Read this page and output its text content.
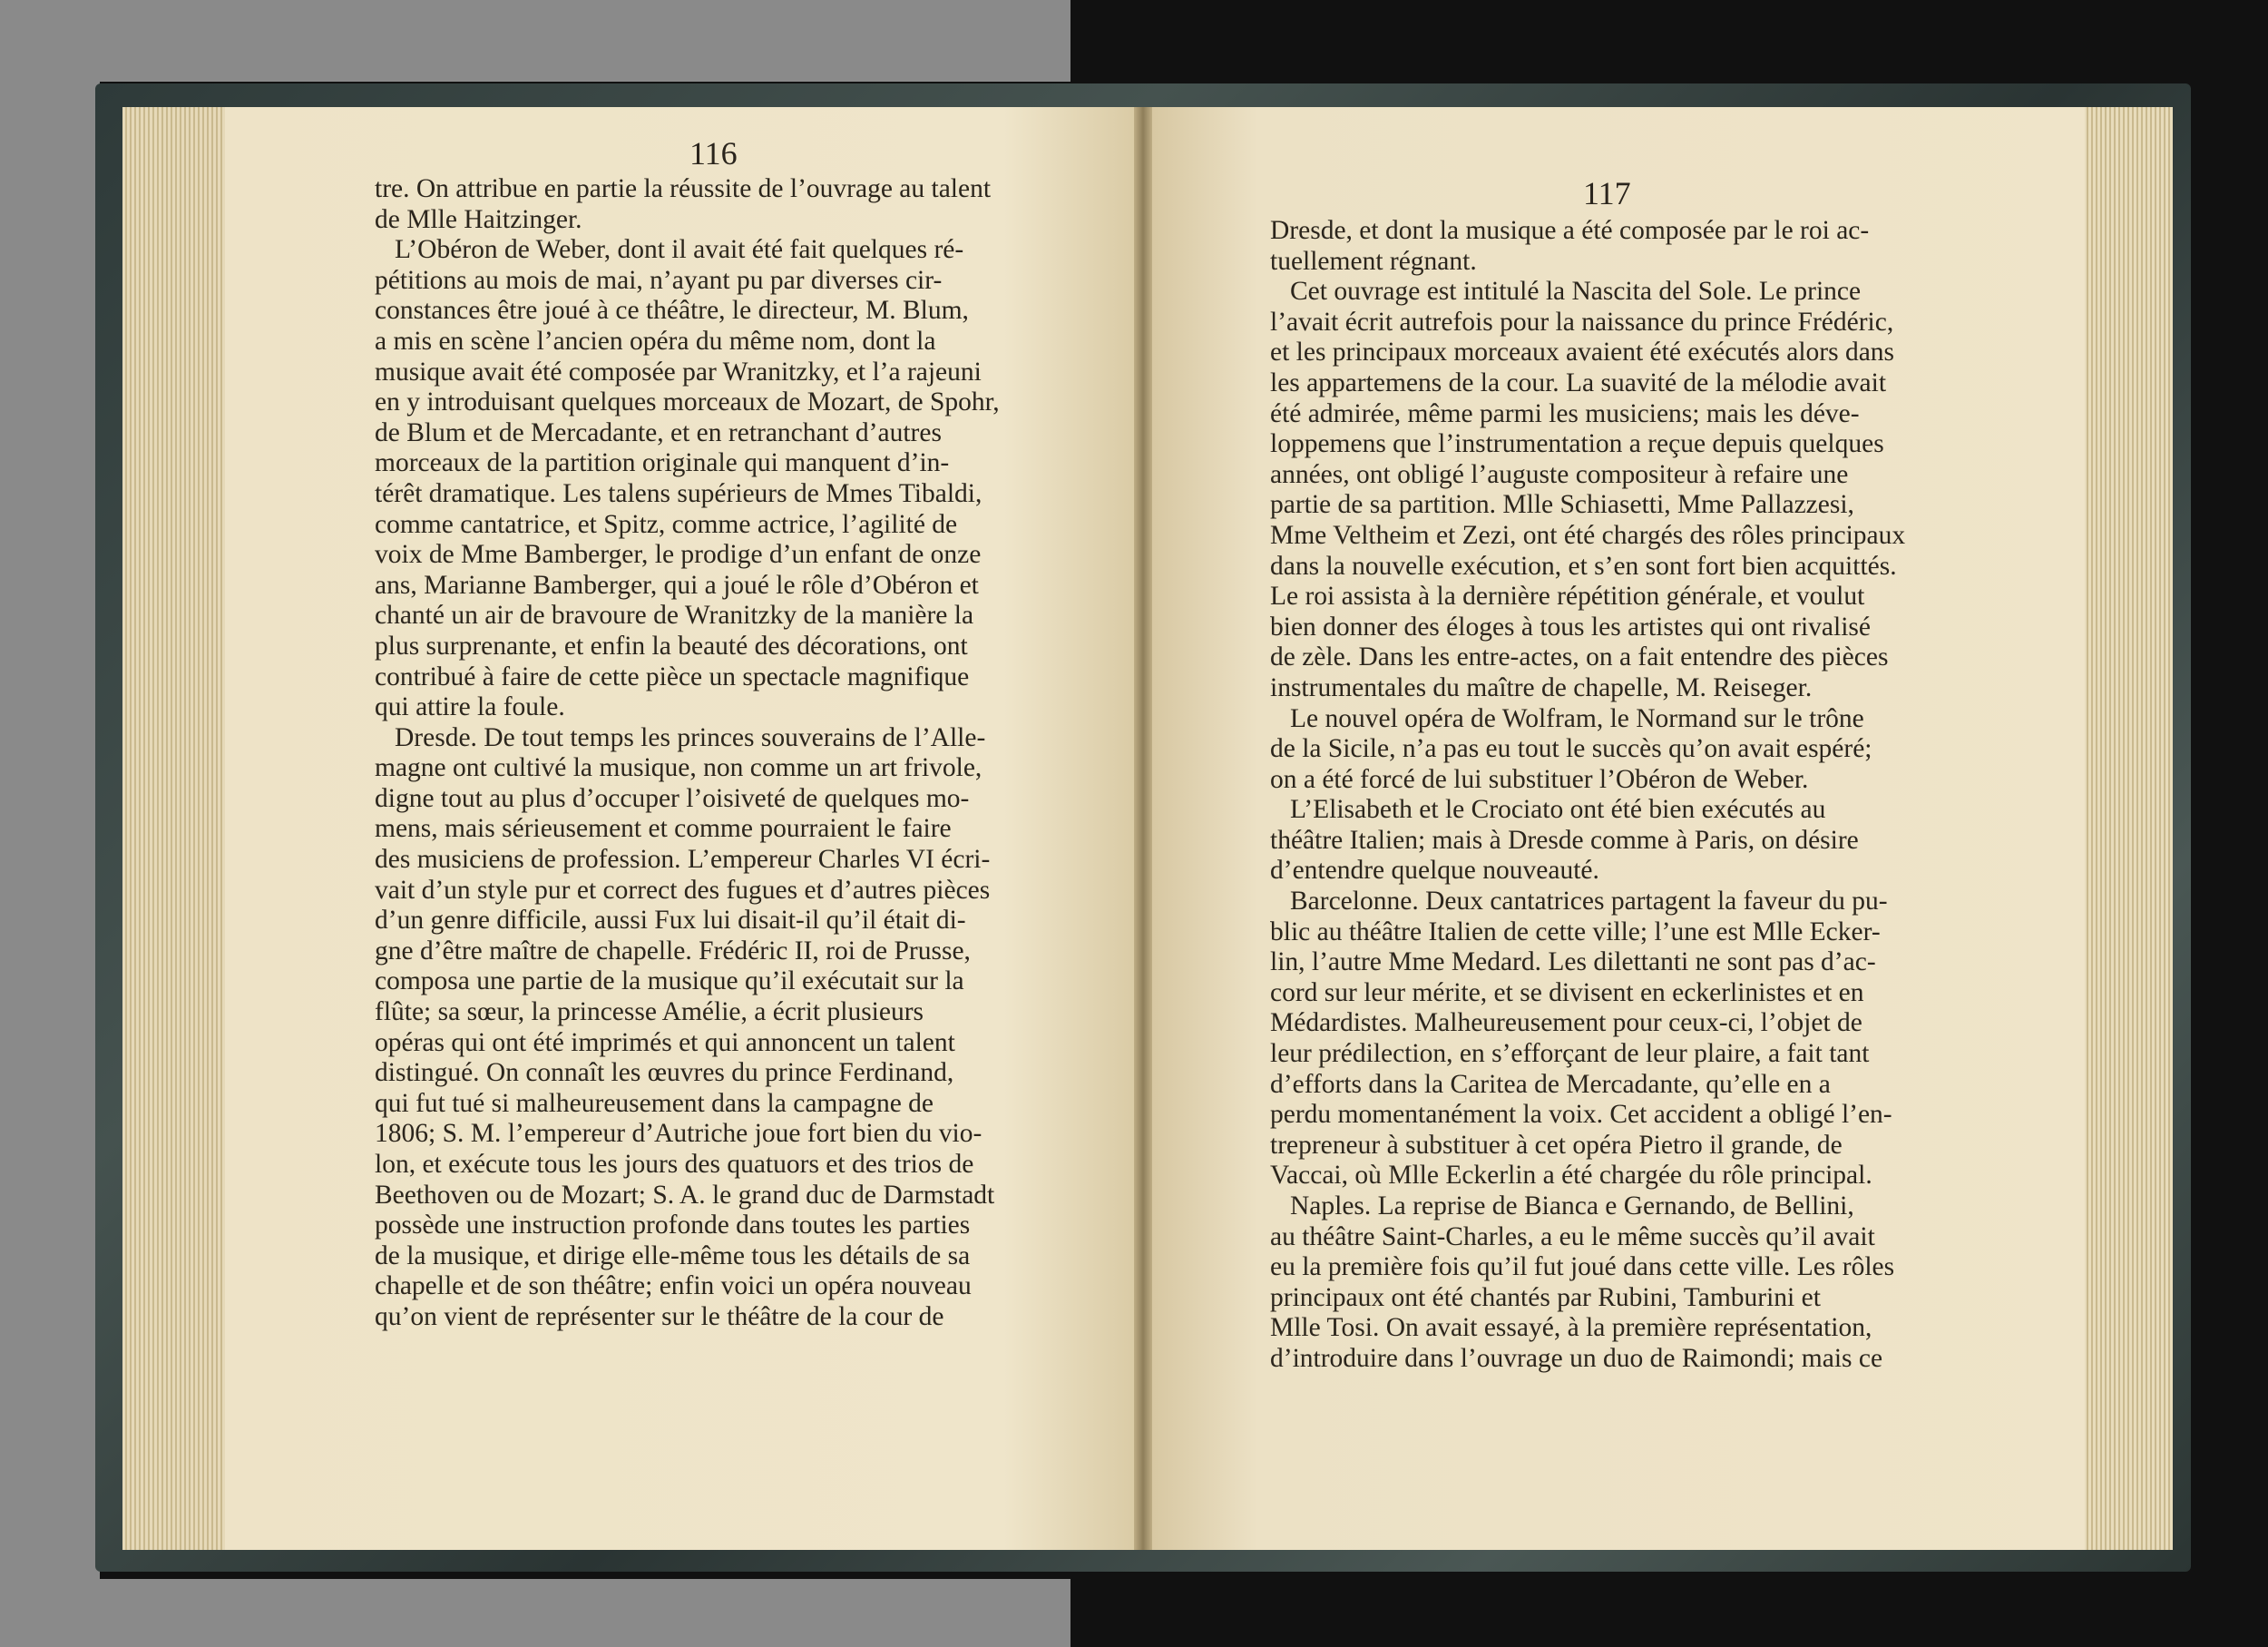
116
117

tre. On attribue en partie la réussite de l’ouvrage au talent

de Mlle Haitzinger.

L’Obéron de Weber, dont il avait été fait quelques ré-

pétitions au mois de mai, n’ayant pu par diverses cir-

constances être joué à ce théâtre, le directeur, M. Blum,

a mis en scène l’ancien opéra du même nom, dont la

musique avait été composée par Wranitzky, et l’a rajeuni

en y introduisant quelques morceaux de Mozart, de Spohr,

de Blum et de Mercadante, et en retranchant d’autres

morceaux de la partition originale qui manquent d’in-

térêt dramatique. Les talens supérieurs de Mmes Tibaldi,

comme cantatrice, et Spitz, comme actrice, l’agilité de

voix de Mme Bamberger, le prodige d’un enfant de onze

ans, Marianne Bamberger, qui a joué le rôle d’Obéron et

chanté un air de bravoure de Wranitzky de la manière la

plus surprenante, et enfin la beauté des décorations, ont

contribué à faire de cette pièce un spectacle magnifique

qui attire la foule.

Dresde. De tout temps les princes souverains de l’Alle-

magne ont cultivé la musique, non comme un art frivole,

digne tout au plus d’occuper l’oisiveté de quelques mo-

mens, mais sérieusement et comme pourraient le faire

des musiciens de profession. L’empereur Charles VI écri-

vait d’un style pur et correct des fugues et d’autres pièces

d’un genre difficile, aussi Fux lui disait-il qu’il était di-

gne d’être maître de chapelle. Frédéric II, roi de Prusse,

composa une partie de la musique qu’il exécutait sur la

flûte; sa sœur, la princesse Amélie, a écrit plusieurs

opéras qui ont été imprimés et qui annoncent un talent

distingué. On connaît les œuvres du prince Ferdinand,

qui fut tué si malheureusement dans la campagne de

1806; S. M. l’empereur d’Autriche joue fort bien du vio-

lon, et exécute tous les jours des quatuors et des trios de

Beethoven ou de Mozart; S. A. le grand duc de Darmstadt

possède une instruction profonde dans toutes les parties

de la musique, et dirige elle-même tous les détails de sa

chapelle et de son théâtre; enfin voici un opéra nouveau

qu’on vient de représenter sur le théâtre de la cour de

Dresde, et dont la musique a été composée par le roi ac-

tuellement régnant.

Cet ouvrage est intitulé la Nascita del Sole. Le prince

l’avait écrit autrefois pour la naissance du prince Frédéric,

et les principaux morceaux avaient été exécutés alors dans

les appartemens de la cour. La suavité de la mélodie avait

été admirée, même parmi les musiciens; mais les déve-

loppemens que l’instrumentation a reçue depuis quelques

années, ont obligé l’auguste compositeur à refaire une

partie de sa partition. Mlle Schiasetti, Mme Pallazzesi,

Mme Veltheim et Zezi, ont été chargés des rôles principaux

dans la nouvelle exécution, et s’en sont fort bien acquittés.

Le roi assista à la dernière répétition générale, et voulut

bien donner des éloges à tous les artistes qui ont rivalisé

de zèle. Dans les entre-actes, on a fait entendre des pièces

instrumentales du maître de chapelle, M. Reiseger.

Le nouvel opéra de Wolfram, le Normand sur le trône

de la Sicile, n’a pas eu tout le succès qu’on avait espéré;

on a été forcé de lui substituer l’Obéron de Weber.

L’Elisabeth et le Crociato ont été bien exécutés au

théâtre Italien; mais à Dresde comme à Paris, on désire

d’entendre quelque nouveauté.

Barcelonne. Deux cantatrices partagent la faveur du pu-

blic au théâtre Italien de cette ville; l’une est Mlle Ecker-

lin, l’autre Mme Medard. Les dilettanti ne sont pas d’ac-

cord sur leur mérite, et se divisent en eckerlinistes et en

Médardistes. Malheureusement pour ceux-ci, l’objet de

leur prédilection, en s’efforçant de leur plaire, a fait tant

d’efforts dans la Caritea de Mercadante, qu’elle en a

perdu momentanément la voix. Cet accident a obligé l’en-

trepreneur à substituer à cet opéra Pietro il grande, de

Vaccai, où Mlle Eckerlin a été chargée du rôle principal.

Naples. La reprise de Bianca e Gernando, de Bellini,

au théâtre Saint-Charles, a eu le même succès qu’il avait

eu la première fois qu’il fut joué dans cette ville. Les rôles

principaux ont été chantés par Rubini, Tamburini et

Mlle Tosi. On avait essayé, à la première représentation,

d’introduire dans l’ouvrage un duo de Raimondi; mais ce
